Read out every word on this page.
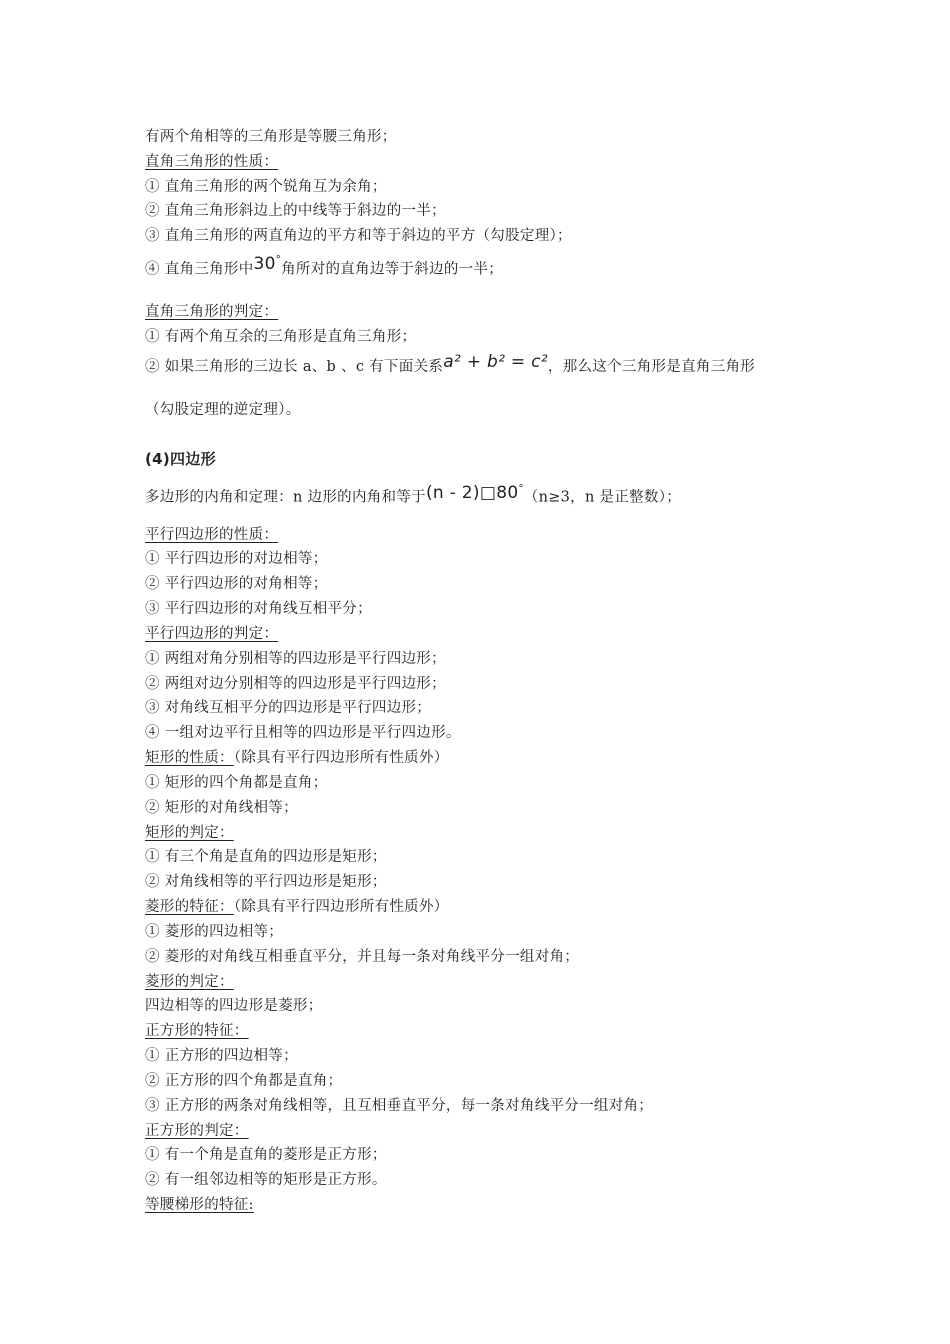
有两个角相等的三角形是等腰三角形；
直角三角形的性质：
① 直角三角形的两个锐角互为余角；
② 直角三角形斜边上的中线等于斜边的一半；
③ 直角三角形的两直角边的平方和等于斜边的平方（勾股定理）；
④ 直角三角形中30°角所对的直角边等于斜边的一半；
直角三角形的判定：
① 有两个角互余的三角形是直角三角形；
② 如果三角形的三边长 a、b 、c 有下面关系a² + b² = c²，那么这个三角形是直角三角形
（勾股定理的逆定理）。
(4)四边形
多边形的内角和定理：n 边形的内角和等于(n - 2)□80°（n≥3，n 是正整数）；
平行四边形的性质：
① 平行四边形的对边相等；
② 平行四边形的对角相等；
③ 平行四边形的对角线互相平分；
平行四边形的判定：
① 两组对角分别相等的四边形是平行四边形；
② 两组对边分别相等的四边形是平行四边形；
③ 对角线互相平分的四边形是平行四边形；
④ 一组对边平行且相等的四边形是平行四边形。
矩形的性质：（除具有平行四边形所有性质外）
① 矩形的四个角都是直角；
② 矩形的对角线相等；
矩形的判定：
① 有三个角是直角的四边形是矩形；
② 对角线相等的平行四边形是矩形；
菱形的特征：（除具有平行四边形所有性质外）
① 菱形的四边相等；
② 菱形的对角线互相垂直平分，并且每一条对角线平分一组对角；
菱形的判定：
四边相等的四边形是菱形；
正方形的特征：
① 正方形的四边相等；
② 正方形的四个角都是直角；
③ 正方形的两条对角线相等，且互相垂直平分，每一条对角线平分一组对角；
正方形的判定：
① 有一个角是直角的菱形是正方形；
② 有一组邻边相等的矩形是正方形。
等腰梯形的特征:
